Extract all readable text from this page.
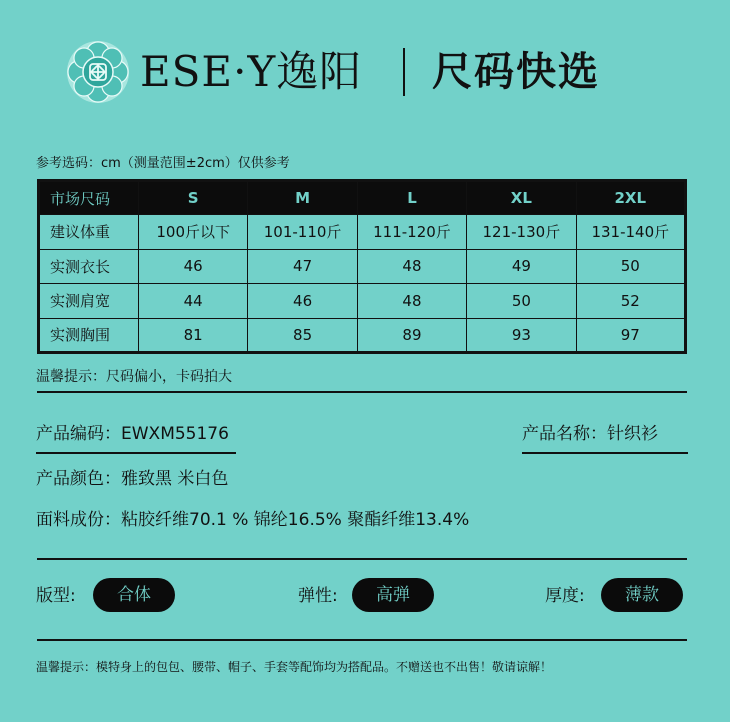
ESE·Y逸阳 尺码快选
参考选码：cm（测量范围±2cm）仅供参考
市场尺码	S	M	L	XL	2XL
建议体重	100斤以下	101-110斤	111-120斤	121-130斤	131-140斤
实测衣长	46	47	48	49	50
实测肩宽	44	46	48	50	52
实测胸围	81	85	89	93	97
温馨提示：尺码偏小，卡码拍大
产品编码：EWXM55176	产品名称：针织衫
产品颜色：雅致黑 米白色
面料成份：粘胶纤维70.1 % 锦纶16.5% 聚酯纤维13.4%
版型:	合体	弹性:	高弹	厚度:	薄款
温馨提示：模特身上的包包、腰带、帽子、手套等配饰均为搭配品。不赠送也不出售！敬请谅解！
